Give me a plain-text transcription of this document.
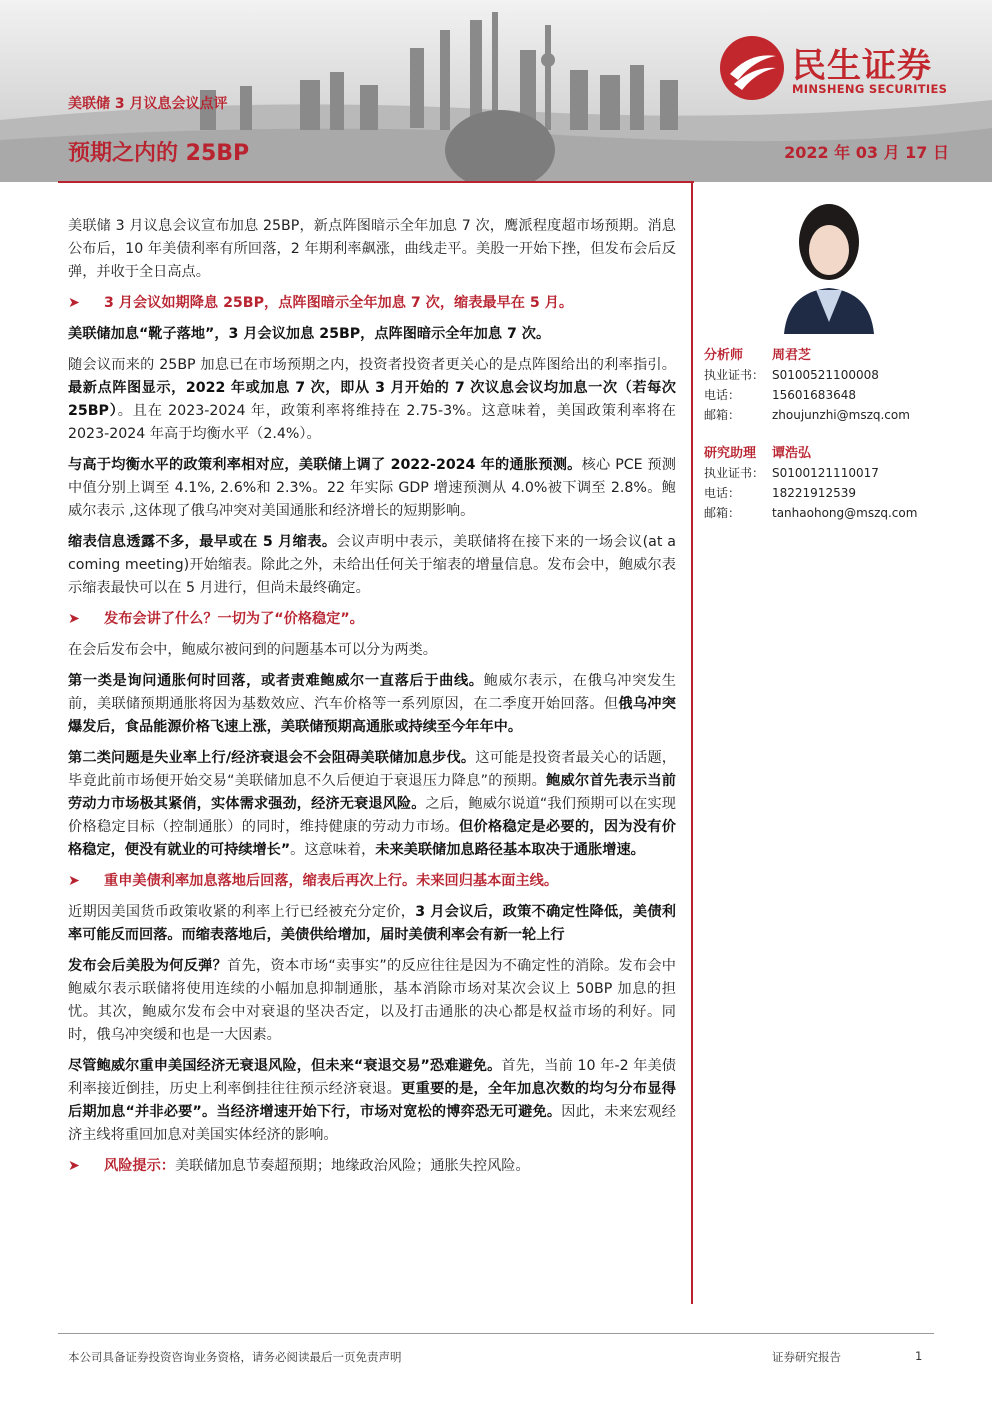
美联储 3 月议息会议点评
预期之内的 25BP	2022 年 03 月 17 日
民生证券
MINSHENG SECURITIES

美联储 3 月议息会议宣布加息 25BP，新点阵图暗示全年加息 7 次，鹰派程度超市场预期。消息公布后，10 年美债利率有所回落，2 年期利率飙涨，曲线走平。美股一开始下挫，但发布会后反弹，并收于全日高点。

➤ 3 月会议如期降息 25BP，点阵图暗示全年加息 7 次，缩表最早在 5 月。

美联储加息“靴子落地”，3 月会议加息 25BP，点阵图暗示全年加息 7 次。

随会议而来的 25BP 加息已在市场预期之内，投资者投资者更关心的是点阵图给出的利率指引。最新点阵图显示，2022 年或加息 7 次，即从 3 月开始的 7 次议息会议均加息一次（若每次 25BP）。且在 2023-2024 年，政策利率将维持在 2.75-3%。这意味着，美国政策利率将在 2023-2024 年高于均衡水平（2.4%）。

与高于均衡水平的政策利率相对应，美联储上调了 2022-2024 年的通胀预测。核心 PCE 预测中值分别上调至 4.1%, 2.6%和 2.3%。22 年实际 GDP 增速预测从 4.0%被下调至 2.8%。鲍威尔表示 ,这体现了俄乌冲突对美国通胀和经济增长的短期影响。

缩表信息透露不多，最早或在 5 月缩表。会议声明中表示，美联储将在接下来的一场会议(at a coming meeting)开始缩表。除此之外，未给出任何关于缩表的增量信息。发布会中，鲍威尔表示缩表最快可以在 5 月进行，但尚未最终确定。

➤ 发布会讲了什么？一切为了“价格稳定”。

在会后发布会中，鲍威尔被问到的问题基本可以分为两类。

第一类是询问通胀何时回落，或者责难鲍威尔一直落后于曲线。鲍威尔表示，在俄乌冲突发生前，美联储预期通胀将因为基数效应、汽车价格等一系列原因，在二季度开始回落。但俄乌冲突爆发后，食品能源价格飞速上涨，美联储预期高通胀或持续至今年年中。

第二类问题是失业率上行/经济衰退会不会阻碍美联储加息步伐。这可能是投资者最关心的话题，毕竟此前市场便开始交易“美联储加息不久后便迫于衰退压力降息”的预期。鲍威尔首先表示当前劳动力市场极其紧俏，实体需求强劲，经济无衰退风险。之后，鲍威尔说道“我们预期可以在实现价格稳定目标（控制通胀）的同时，维持健康的劳动力市场。但价格稳定是必要的，因为没有价格稳定，便没有就业的可持续增长”。这意味着，未来美联储加息路径基本取决于通胀增速。

➤ 重申美债利率加息落地后回落，缩表后再次上行。未来回归基本面主线。

近期因美国货币政策收紧的利率上行已经被充分定价，3 月会议后，政策不确定性降低，美债利率可能反而回落。而缩表落地后，美债供给增加，届时美债利率会有新一轮上行

发布会后美股为何反弹？首先，资本市场“卖事实”的反应往往是因为不确定性的消除。发布会中鲍威尔表示联储将使用连续的小幅加息抑制通胀，基本消除市场对某次会议上 50BP 加息的担忧。其次，鲍威尔发布会中对衰退的坚决否定，以及打击通胀的决心都是权益市场的利好。同时，俄乌冲突缓和也是一大因素。

尽管鲍威尔重申美国经济无衰退风险，但未来“衰退交易”恐难避免。首先，当前 10 年-2 年美债利率接近倒挂，历史上利率倒挂往往预示经济衰退。更重要的是，全年加息次数的均匀分布显得后期加息“并非必要”。当经济增速开始下行，市场对宽松的博弈恐无可避免。因此，未来宏观经济主线将重回加息对美国实体经济的影响。

➤ 风险提示：美联储加息节奏超预期；地缘政治风险；通胀失控风险。
分析师 周君芝
执业证书： S0100521100008
电话：	15601683648
邮箱：	zhoujunzhi@mszq.com
研究助理 谭浩弘
执业证书： S0100121110017
电话：	18221912539
邮箱：	tanhaohong@mszq.com
本公司具备证券投资咨询业务资格，请务必阅读最后一页免责声明	证券研究报告	1
